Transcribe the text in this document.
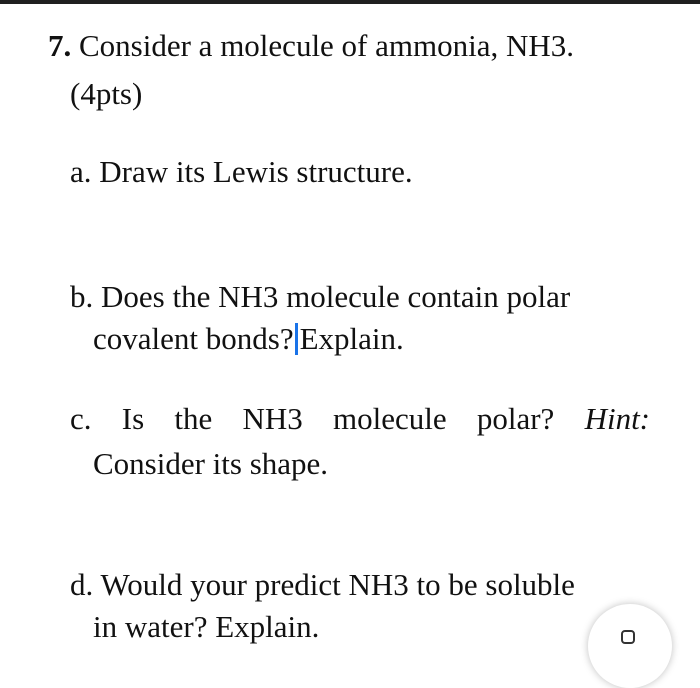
7. Consider a molecule of ammonia, NH3.
(4pts)
a. Draw its Lewis structure.
b. Does the NH3 molecule contain polar
covalent bonds? Explain.
c. Is the NH3 molecule polar? Hint:
Consider its shape.
d. Would your predict NH3 to be soluble
in water? Explain.
